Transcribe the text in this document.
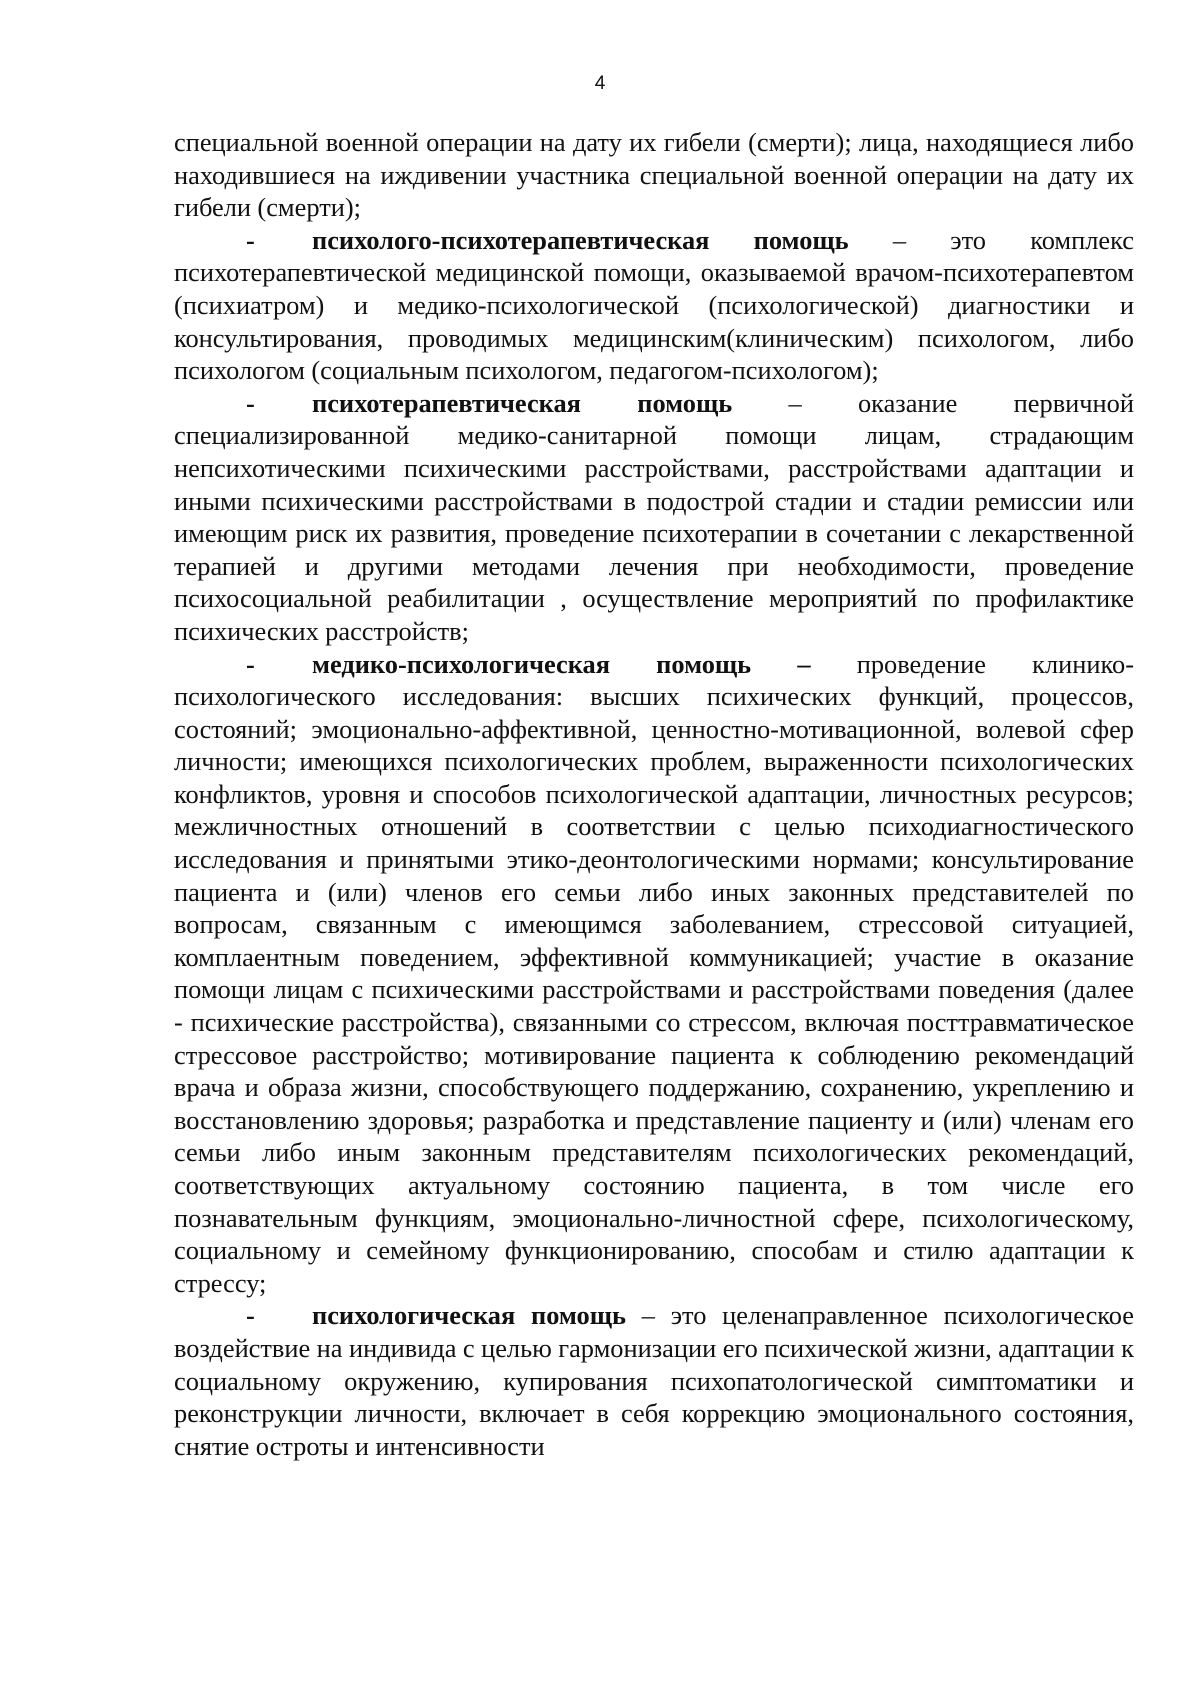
4

специальной военной операции на дату их гибели (смерти); лица, находящиеся либо находившиеся на иждивении участника специальной военной операции на дату их гибели (смерти);

- психолого-психотерапевтическая помощь – это комплекс психотерапевтической медицинской помощи, оказываемой врачом-психотерапевтом (психиатром) и медико-психологической (психологической) диагностики и консультирования, проводимых медицинским(клиническим) психологом, либо психологом (социальным психологом, педагогом-психологом);

- психотерапевтическая помощь – оказание первичной специализированной медико-санитарной помощи лицам, страдающим непсихотическими психическими расстройствами, расстройствами адаптации и иными психическими расстройствами в подострой стадии и стадии ремиссии или имеющим риск их развития, проведение психотерапии в сочетании с лекарственной терапией и другими методами лечения при необходимости, проведение психосоциальной реабилитации , осуществление мероприятий по профилактике психических расстройств;

- медико-психологическая помощь – проведение клинико-психологического исследования: высших психических функций, процессов, состояний; эмоционально-аффективной, ценностно-мотивационной, волевой сфер личности; имеющихся психологических проблем, выраженности психологических конфликтов, уровня и способов психологической адаптации, личностных ресурсов; межличностных отношений в соответствии с целью психодиагностического исследования и принятыми этико-деонтологическими нормами; консультирование пациента и (или) членов его семьи либо иных законных представителей по вопросам, связанным с имеющимся заболеванием, стрессовой ситуацией, комплаентным поведением, эффективной коммуникацией; участие в оказание помощи лицам с психическими расстройствами и расстройствами поведения (далее - психические расстройства), связанными со стрессом, включая посттравматическое стрессовое расстройство; мотивирование пациента к соблюдению рекомендаций врача и образа жизни, способствующего поддержанию, сохранению, укреплению и восстановлению здоровья; разработка и представление пациенту и (или) членам его семьи либо иным законным представителям психологических рекомендаций, соответствующих актуальному состоянию пациента, в том числе его познавательным функциям, эмоционально-личностной сфере, психологическому, социальному и семейному функционированию, способам и стилю адаптации к стрессу;

- психологическая помощь – это целенаправленное психологическое воздействие на индивида с целью гармонизации его психической жизни, адаптации к социальному окружению, купирования психопатологической симптоматики и реконструкции личности, включает в себя коррекцию эмоционального состояния, снятие остроты и интенсивности
